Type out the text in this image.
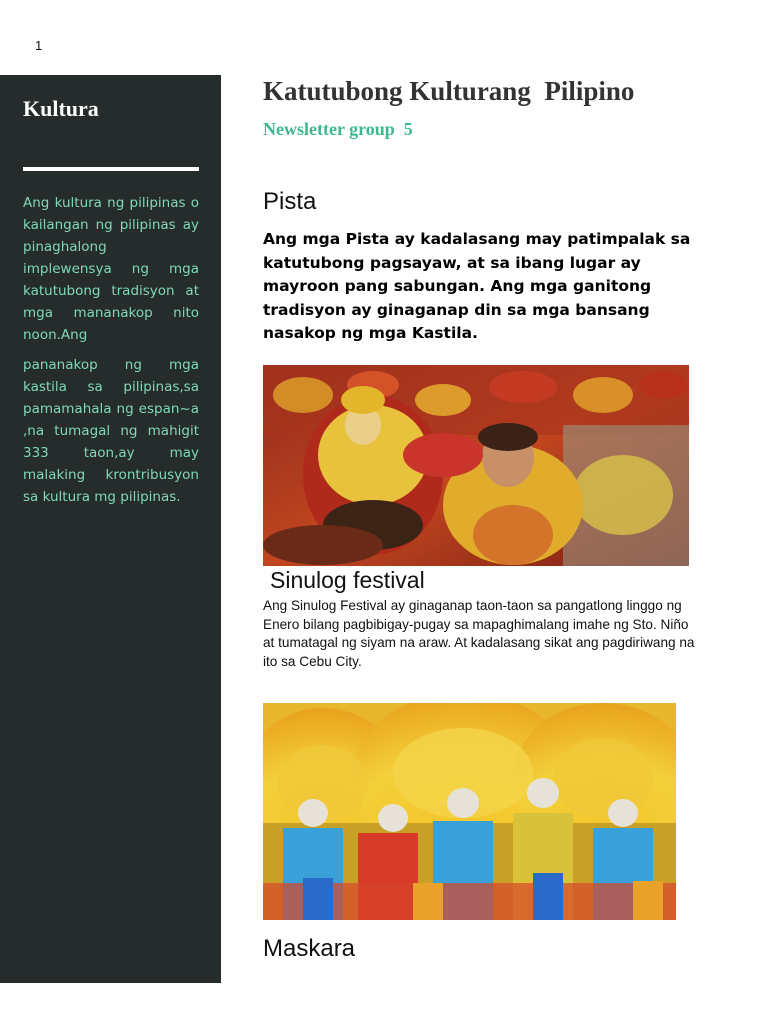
1
Kultura
Ang kultura ng pilipinas o kailangan ng pilipinas ay pinaghalong implewensya ng mga katutubong tradisyon at mga mananakop nito noon.Ang
pananakop ng mga kastila sa pilipinas,sa pamamahala ng espan~a ,na tumagal ng mahigit 333 taon,ay may malaking krontribusyon sa kultura mg pilipinas.
Katutubong Kulturang  Pilipino
Newsletter group  5
Pista
Ang mga Pista ay kadalasang may patimpalak sa katutubong pagsayaw, at sa ibang lugar ay mayroon pang sabungan. Ang mga ganitong tradisyon ay ginaganap din sa mga bansang nasakop ng mga Kastila.
Sinulog festival
Ang Sinulog Festival ay ginaganap taon-taon sa pangatlong linggo ng Enero bilang pagbibigay-pugay sa mapaghimalang imahe ng Sto. Niño at tumatagal ng siyam na araw. At kadalasang sikat ang pagdiriwang na ito sa Cebu City.
Maskara
